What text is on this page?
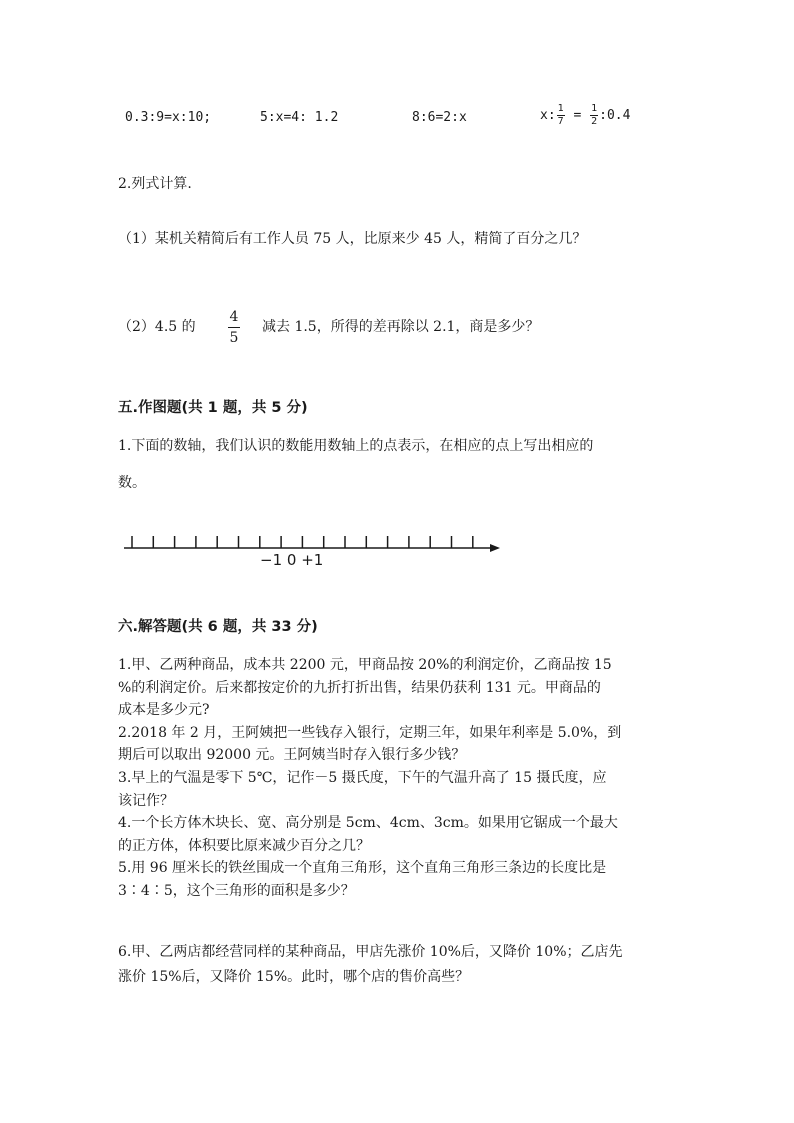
0.3:9=x:10;	5:x=4: 1.2	8:6=2:x	x: $\frac{1}{7} = \frac{1}{2}$ :0.4
2.列式计算.
（1）某机关精简后有工作人员 75 人，比原来少 45 人，精简了百分之几？
（2）4.5 的
4
5
减去 1.5，所得的差再除以 2.1，商是多少？
五.作图题(共 1 题，共 5 分)
1.下面的数轴，我们认识的数能用数轴上的点表示，在相应的点上写出相应的
数。
−1 0 +1
六.解答题(共 6 题，共 33 分)
1.甲、乙两种商品，成本共 2200 元，甲商品按 20%的利润定价，乙商品按 15
%的利润定价。后来都按定价的九折打折出售，结果仍获利 131 元。甲商品的
成本是多少元?
2.2018 年 2 月，王阿姨把一些钱存入银行，定期三年，如果年利率是 5.0%，到
期后可以取出 92000 元。王阿姨当时存入银行多少钱？
3.早上的气温是零下 5℃，记作－5 摄氏度，下午的气温升高了 15 摄氏度，应
该记作？
4.一个长方体木块长、宽、高分别是 5cm、4cm、3cm。如果用它锯成一个最大
的正方体，体积要比原来减少百分之几？
5.用 96 厘米长的铁丝围成一个直角三角形，这个直角三角形三条边的长度比是
3∶4∶5，这个三角形的面积是多少？
6.甲、乙两店都经营同样的某种商品，甲店先涨价 10%后，又降价 10%；乙店先
涨价 15%后，又降价 15%。此时，哪个店的售价高些？
